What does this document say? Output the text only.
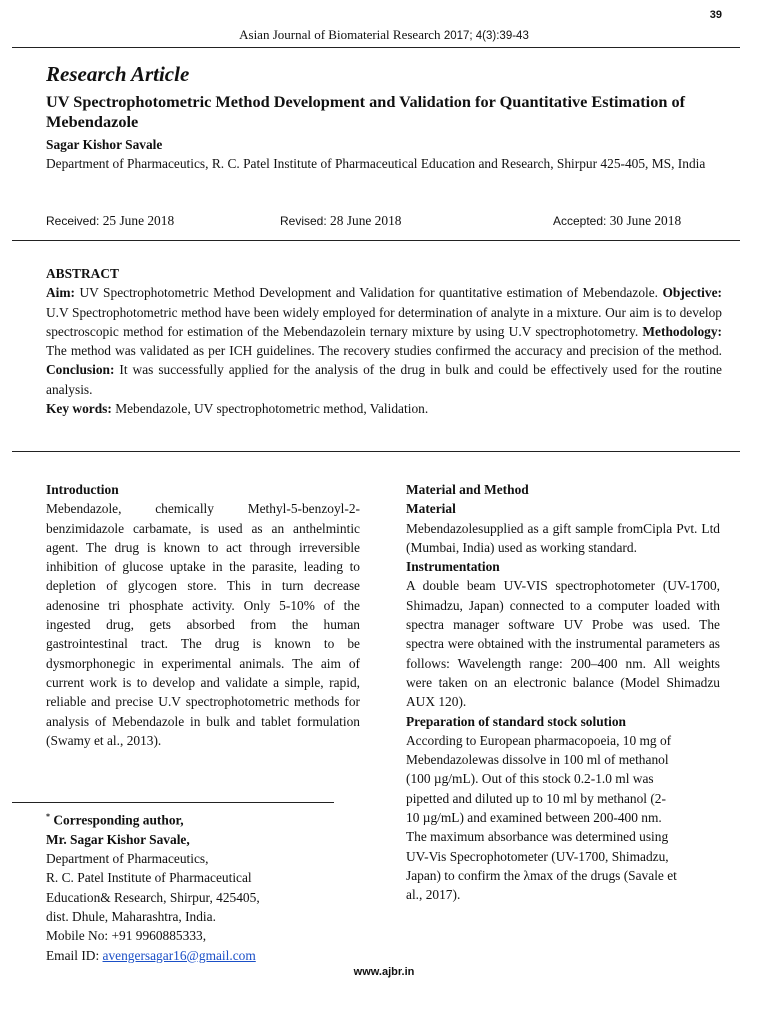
39
Asian Journal of Biomaterial Research 2017; 4(3):39-43
Research Article
UV Spectrophotometric Method Development and Validation for Quantitative Estimation of Mebendazole
Sagar Kishor Savale
Department of Pharmaceutics, R. C. Patel Institute of Pharmaceutical Education and Research, Shirpur 425-405, MS, India
Received: 25 June 2018	Revised: 28 June 2018	Accepted: 30 June 2018
ABSTRACT
Aim: UV Spectrophotometric Method Development and Validation for quantitative estimation of Mebendazole. Objective: U.V Spectrophotometric method have been widely employed for determination of analyte in a mixture. Our aim is to develop spectroscopic method for estimation of the Mebendazolein ternary mixture by using U.V spectrophotometry. Methodology: The method was validated as per ICH guidelines. The recovery studies confirmed the accuracy and precision of the method. Conclusion: It was successfully applied for the analysis of the drug in bulk and could be effectively used for the routine analysis.
Key words: Mebendazole, UV spectrophotometric method, Validation.

Introduction

Mebendazole, chemically Methyl-5-benzoyl-2-benzimidazole carbamate, is used as an anthelmintic agent. The drug is known to act through irreversible inhibition of glucose uptake in the parasite, leading to depletion of glycogen store. This in turn decrease adenosine tri phosphate activity. Only 5-10% of the ingested drug, gets absorbed from the human gastrointestinal tract. The drug is known to be dysmorphonegic in experimental animals. The aim of current work is to develop and validate a simple, rapid, reliable and precise U.V spectrophotometric methods for analysis of Mebendazole in bulk and tablet formulation (Swamy et al., 2013).

* Corresponding author,
Mr. Sagar Kishor Savale,
Department of Pharmaceutics,
R. C. Patel Institute of Pharmaceutical
Education& Research, Shirpur, 425405,
dist. Dhule, Maharashtra, India.
Mobile No: +91 9960885333,
Email ID: avengersagar16@gmail.com

Material and Method

Material

Mebendazolesupplied as a gift sample fromCipla Pvt. Ltd (Mumbai, India) used as working standard.

Instrumentation

A double beam UV-VIS spectrophotometer (UV-1700, Shimadzu, Japan) connected to a computer loaded with spectra manager software UV Probe was used. The spectra were obtained with the instrumental parameters as follows: Wavelength range: 200–400 nm. All weights were taken on an electronic balance (Model Shimadzu AUX 120).

Preparation of standard stock solution

According to European pharmacopoeia, 10 mg of
Mebendazolewas dissolve in 100 ml of methanol
(100 µg/mL). Out of this stock 0.2-1.0 ml was
pipetted and diluted up to 10 ml by methanol (2-
10 µg/mL) and examined between 200-400 nm.
The maximum absorbance was determined using
UV-Vis Specrophotometer (UV-1700, Shimadzu,
Japan) to confirm the λmax of the drugs (Savale et
al., 2017).
www.ajbr.in
